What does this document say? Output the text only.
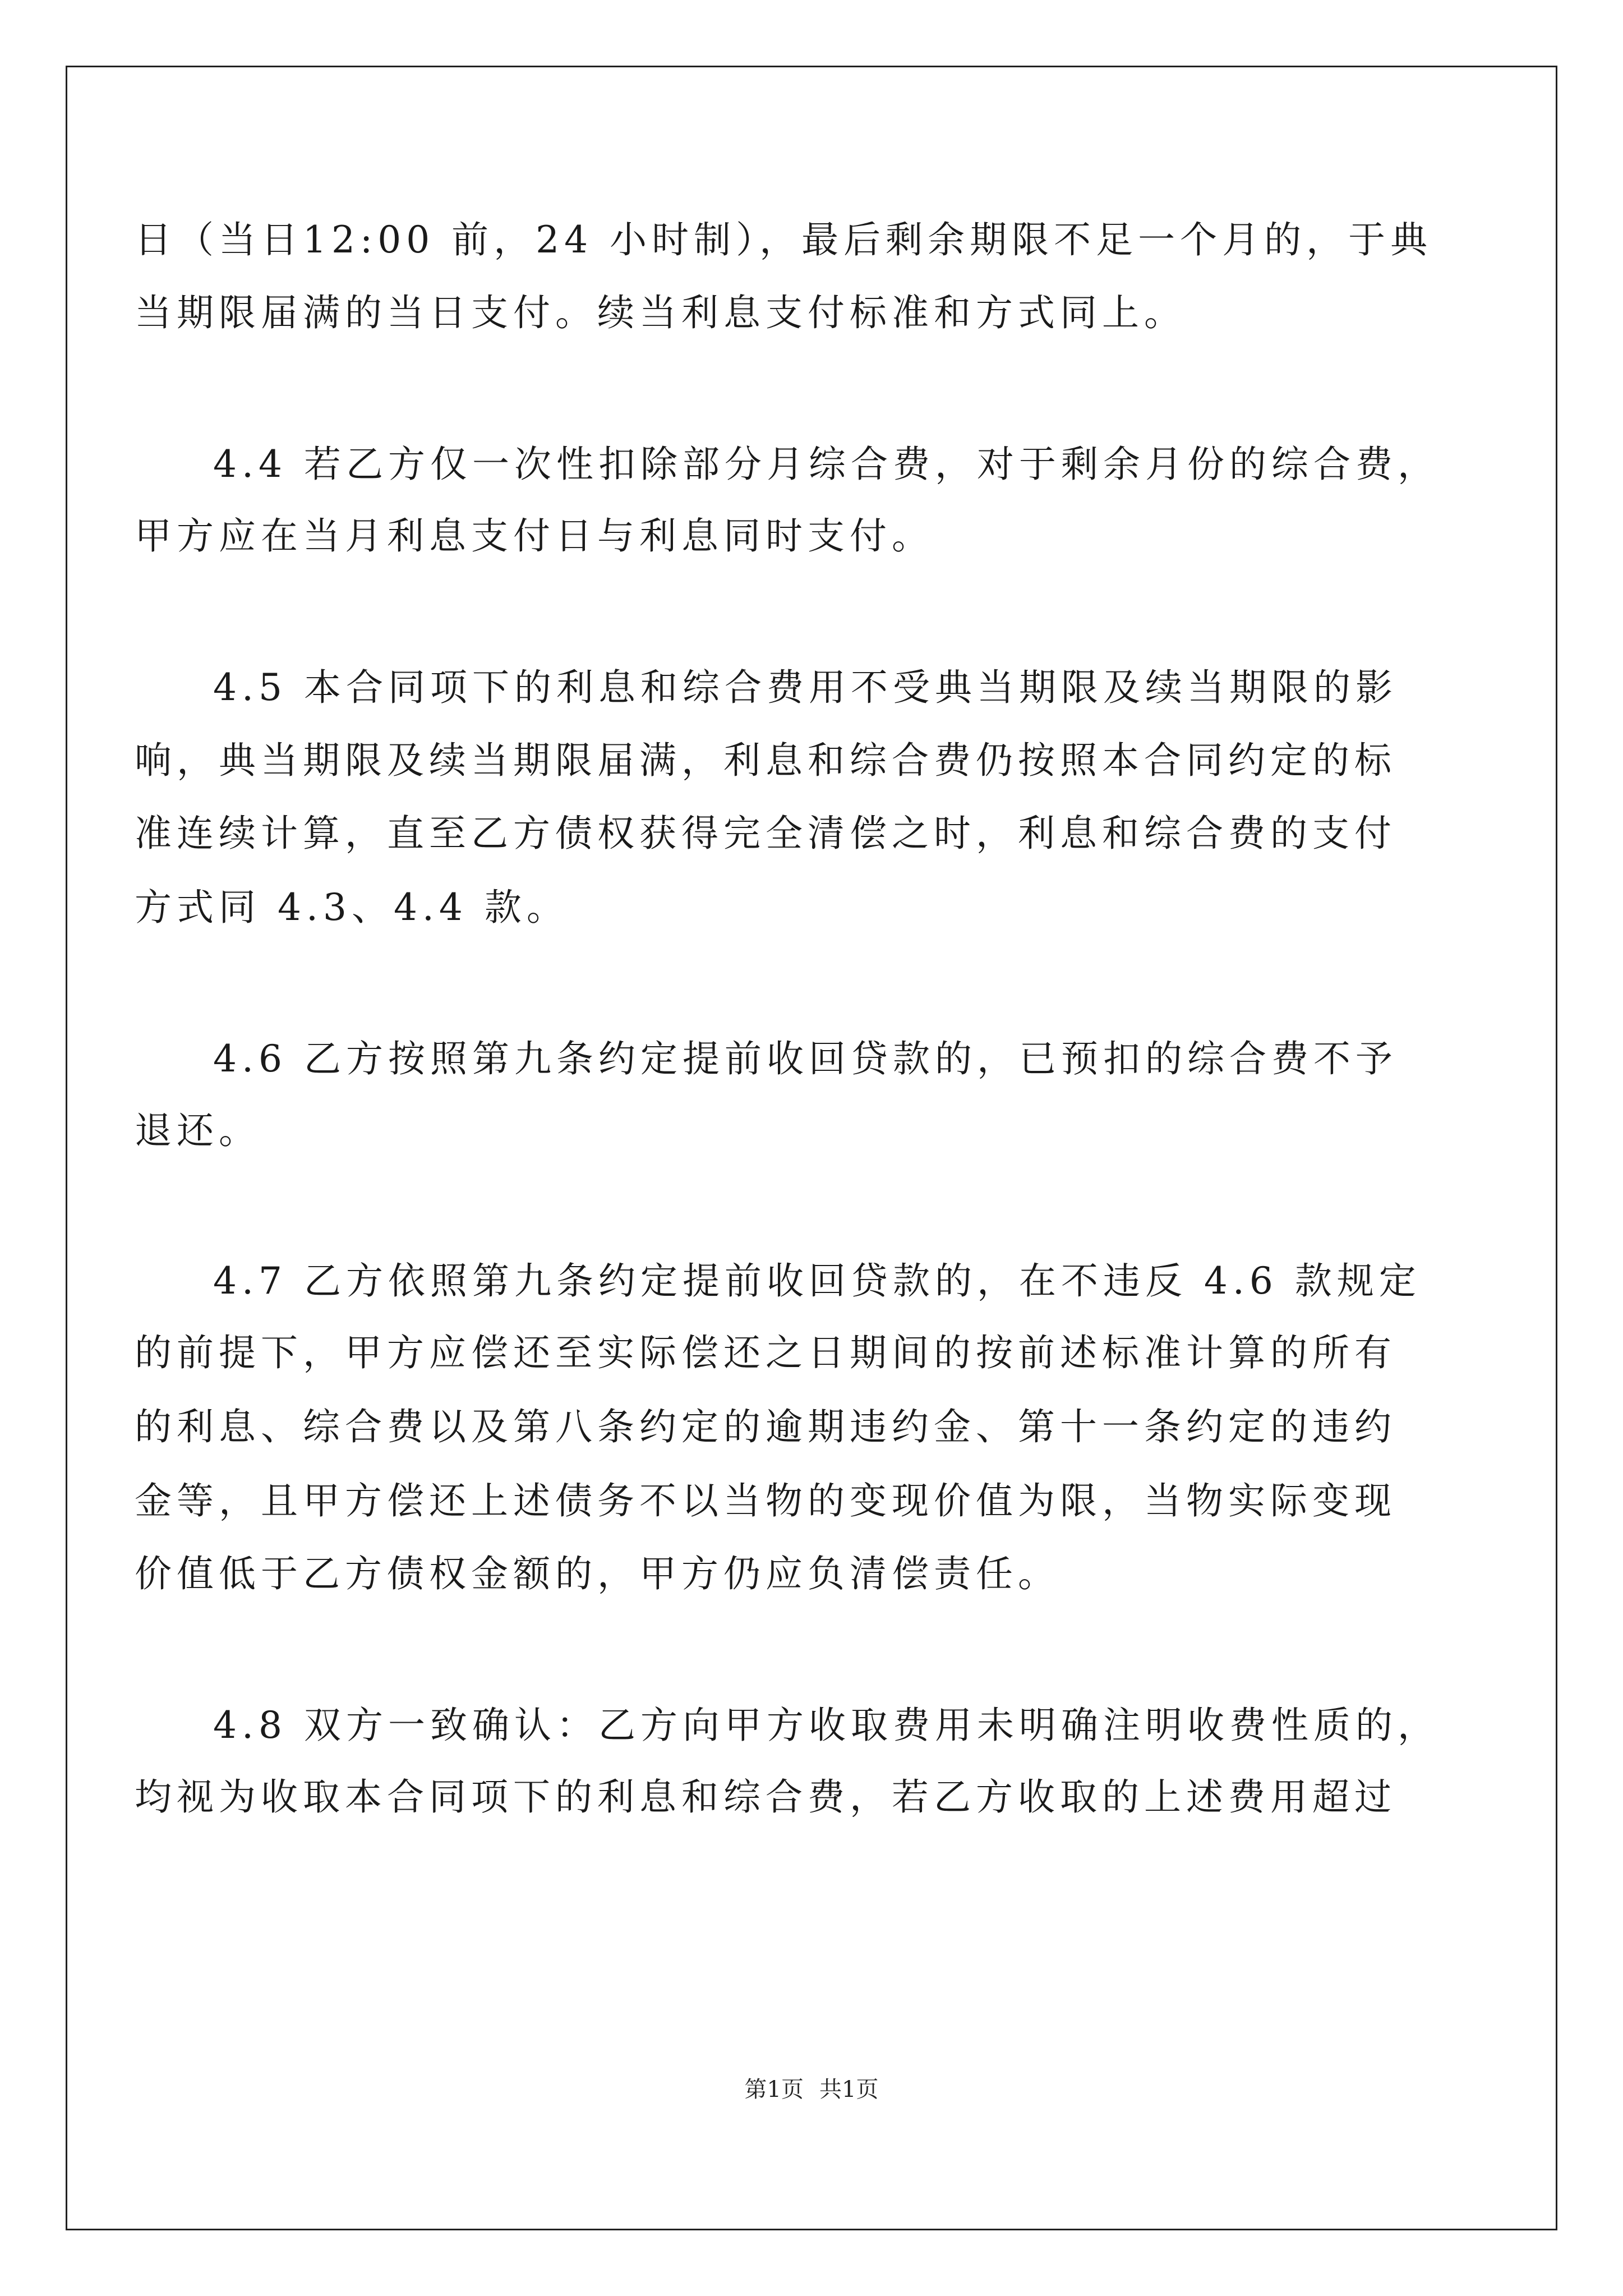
日（当日12:00 前，24 小时制），最后剩余期限不足一个月的，于典
当期限届满的当日支付。续当利息支付标准和方式同上。
4.4 若乙方仅一次性扣除部分月综合费，对于剩余月份的综合费，
甲方应在当月利息支付日与利息同时支付。
4.5 本合同项下的利息和综合费用不受典当期限及续当期限的影
响，典当期限及续当期限届满，利息和综合费仍按照本合同约定的标
准连续计算，直至乙方债权获得完全清偿之时，利息和综合费的支付
方式同 4.3、4.4 款。
4.6 乙方按照第九条约定提前收回贷款的，已预扣的综合费不予
退还。
4.7 乙方依照第九条约定提前收回贷款的，在不违反 4.6 款规定
的前提下，甲方应偿还至实际偿还之日期间的按前述标准计算的所有
的利息、综合费以及第八条约定的逾期违约金、第十一条约定的违约
金等，且甲方偿还上述债务不以当物的变现价值为限，当物实际变现
价值低于乙方债权金额的，甲方仍应负清偿责任。
4.8 双方一致确认：乙方向甲方收取费用未明确注明收费性质的，
均视为收取本合同项下的利息和综合费，若乙方收取的上述费用超过
第1页 共1页
